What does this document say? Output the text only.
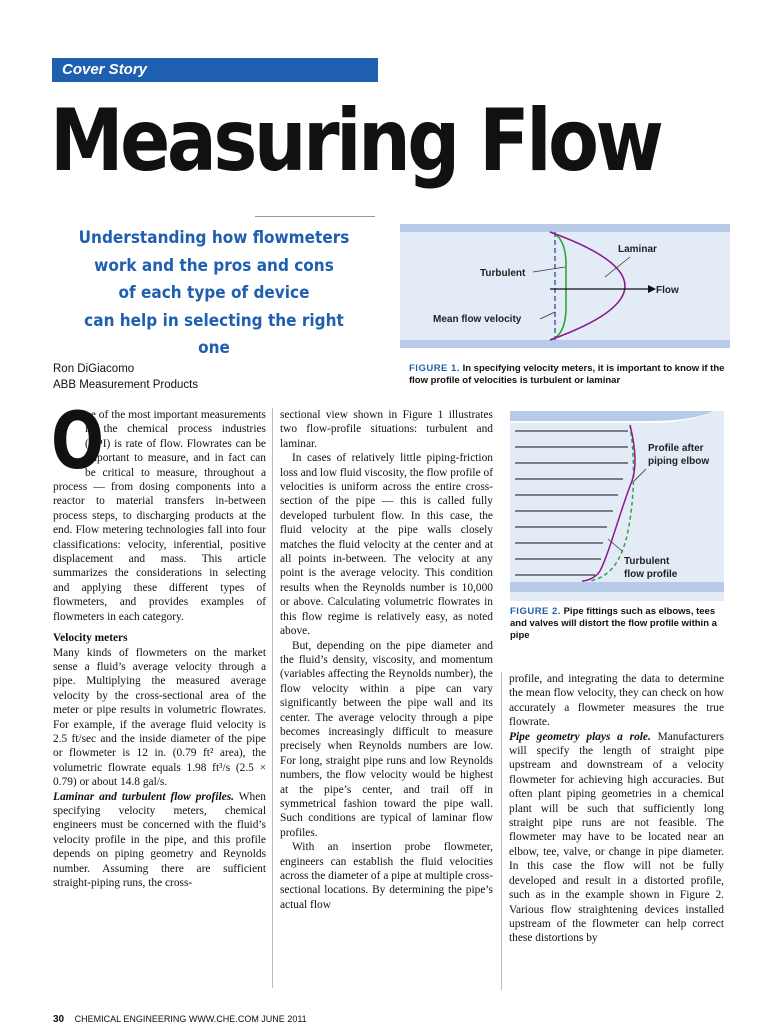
Cover Story
Measuring Flow
Understanding how flowmeters
work and the pros and cons
of each type of device
can help in selecting the right one
Ron DiGiacomo
ABB Measurement Products
Laminar
Turbulent
Flow
Mean flow velocity
FIGURE 1. In specifying velocity meters, it is important to know if the flow profile of velocities is turbulent or laminar
Profile after
piping elbow
Turbulent
flow profile
FIGURE 2. Pipe fittings such as elbows, tees and valves will distort the flow profile within a pipe

O
ne of the most important measurements in the chemical process industries (CPI) is rate of flow. Flowrates can be important to measure, and in fact can be critical to measure, throughout a process — from dosing components into a reactor to material transfers in-between process steps, to discharging products at the end. Flow metering technologies fall into four classifications: velocity, inferential, positive displacement and mass. This article summarizes the considerations in selecting and applying these different types of flowmeters, and provides examples of flowmeters in each category.

Velocity meters

Many kinds of flowmeters on the market sense a fluid’s average velocity through a pipe. Multiplying the measured average velocity by the cross-sectional area of the meter or pipe results in volumetric flowrates. For example, if the average fluid velocity is 2.5 ft/sec and the inside diameter of the pipe or flowmeter is 12 in. (0.79 ft² area), the volumetric flowrate equals 1.98 ft³/s (2.5 × 0.79) or about 14.8 gal/s.

Laminar and turbulent flow profiles. When specifying velocity meters, chemical engineers must be concerned with the fluid’s velocity profile in the pipe, and this profile depends on piping geometry and Reynolds number. Assuming there are sufficient straight-piping runs, the cross-

sectional view shown in Figure 1 illustrates two flow-profile situations: turbulent and laminar.

In cases of relatively little piping-friction loss and low fluid viscosity, the flow profile of velocities is uniform across the entire cross-section of the pipe — this is called fully developed turbulent flow. In this case, the fluid velocity at the pipe walls closely matches the fluid velocity at the center and at all points in-between. The velocity at any point is the average velocity. This condition results when the Reynolds number is 10,000 or above. Calculating volumetric flowrates in this flow regime is relatively easy, as noted above.

But, depending on the pipe diameter and the fluid’s density, viscosity, and momentum (variables affecting the Reynolds number), the flow velocity within a pipe can vary significantly between the pipe wall and its center. The average velocity through a pipe becomes increasingly difficult to measure precisely when Reynolds numbers are low. For long, straight pipe runs and low Reynolds numbers, the flow velocity would be highest at the pipe’s center, and trail off in symmetrical fashion toward the pipe wall. Such conditions are typical of laminar flow profiles.

With an insertion probe flowmeter, engineers can establish the fluid velocities across the diameter of a pipe at multiple cross-sectional locations. By determining the pipe’s actual flow

profile, and integrating the data to determine the mean flow velocity, they can check on how accurately a flowmeter measures the true flowrate.

Pipe geometry plays a role. Manufacturers will specify the length of straight pipe upstream and downstream of a velocity flowmeter for achieving high accuracies. But often plant piping geometries in a chemical plant will be such that sufficiently long straight pipe runs are not feasible. The flowmeter may have to be located near an elbow, tee, valve, or change in pipe diameter. In this case the flow will not be fully developed and result in a distorted profile, such as in the example shown in Figure 2. Various flow straightening devices installed upstream of the flowmeter can help correct these distortions by

30 CHEMICAL ENGINEERING WWW.CHE.COM JUNE 2011
